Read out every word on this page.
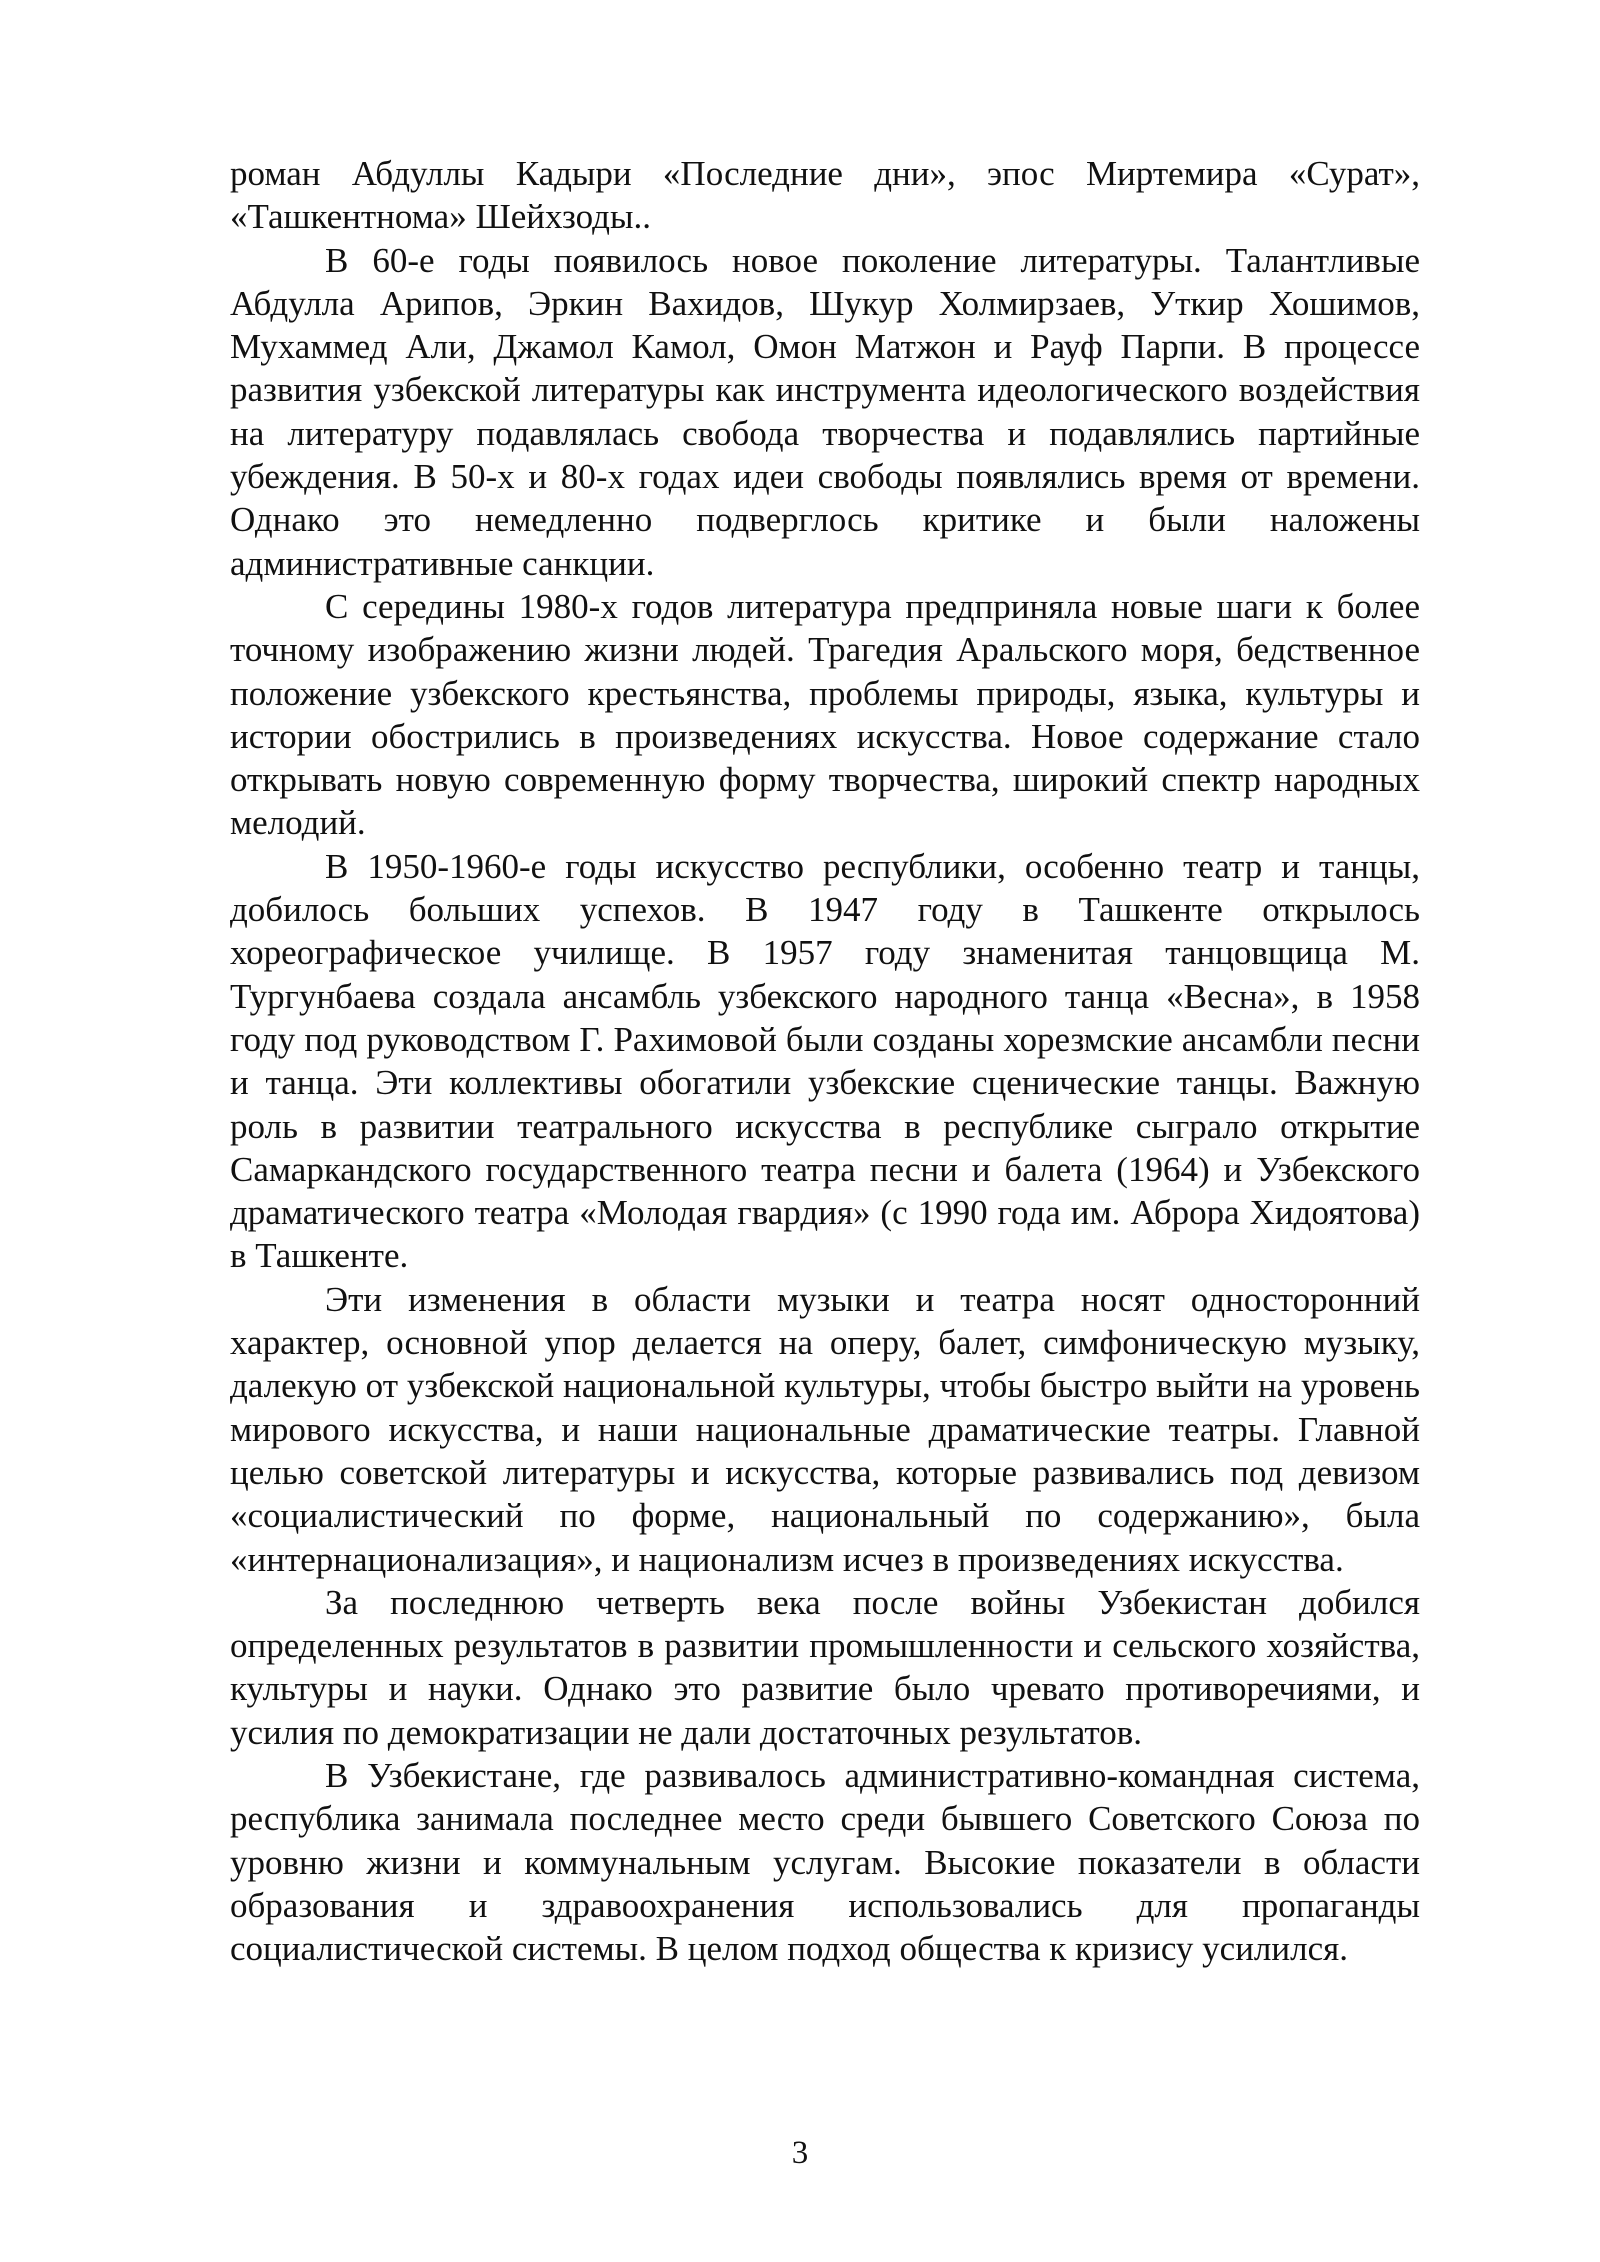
роман Абдуллы Кадыри «Последние дни», эпос Миртемира «Сурат», «Ташкентнома» Шейхзоды..

В 60-е годы появилось новое поколение литературы. Талантливые Абдулла Арипов, Эркин Вахидов, Шукур Холмирзаев, Уткир Хошимов, Мухаммед Али, Джамол Камол, Омон Матжон и Рауф Парпи. В процессе развития узбекской литературы как инструмента идеологического воздействия на литературу подавлялась свобода творчества и подавлялись партийные убеждения. В 50-х и 80-х годах идеи свободы появлялись время от времени. Однако это немедленно подверглось критике и были наложены административные санкции.

С середины 1980-х годов литература предприняла новые шаги к более точному изображению жизни людей. Трагедия Аральского моря, бедственное положение узбекского крестьянства, проблемы природы, языка, культуры и истории обострились в произведениях искусства. Новое содержание стало открывать новую современную форму творчества, широкий спектр народных мелодий.

В 1950-1960-е годы искусство республики, особенно театр и танцы, добилось больших успехов. В 1947 году в Ташкенте открылось хореографическое училище. В 1957 году знаменитая танцовщица М. Тургунбаева создала ансамбль узбекского народного танца «Весна», в 1958 году под руководством Г. Рахимовой были созданы хорезмские ансамбли песни и танца. Эти коллективы обогатили узбекские сценические танцы. Важную роль в развитии театрального искусства в республике сыграло открытие Самаркандского государственного театра песни и балета (1964) и Узбекского драматического театра «Молодая гвардия» (с 1990 года им. Аброра Хидоятова) в Ташкенте.

Эти изменения в области музыки и театра носят односторонний характер, основной упор делается на оперу, балет, симфоническую музыку, далекую от узбекской национальной культуры, чтобы быстро выйти на уровень мирового искусства, и наши национальные драматические театры. Главной целью советской литературы и искусства, которые развивались под девизом «социалистический по форме, национальный по содержанию», была «интернационализация», и национализм исчез в произведениях искусства.

За последнюю четверть века после войны Узбекистан добился определенных результатов в развитии промышленности и сельского хозяйства, культуры и науки. Однако это развитие было чревато противоречиями, и усилия по демократизации не дали достаточных результатов.

В Узбекистане, где развивалось административно-командная система, республика занимала последнее место среди бывшего Советского Союза по уровню жизни и коммунальным услугам. Высокие показатели в области образования и здравоохранения использовались для пропаганды социалистической системы. В целом подход общества к кризису усилился.

3
